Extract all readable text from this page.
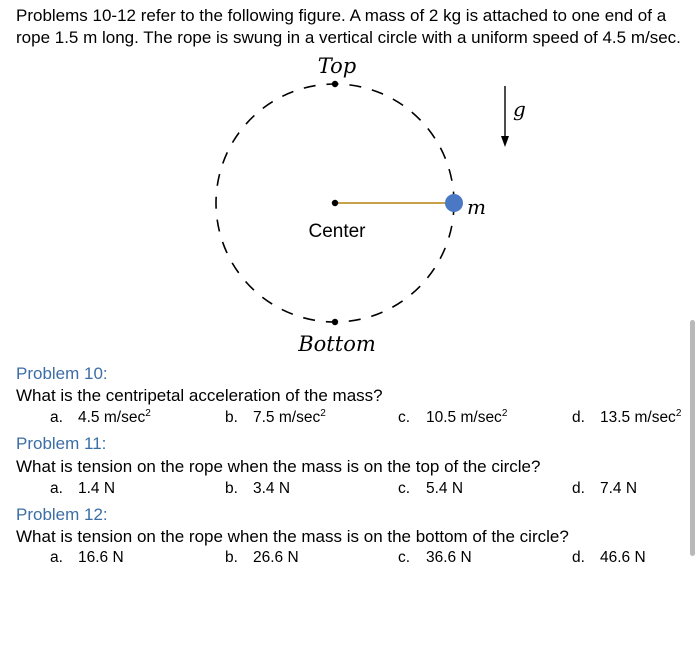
Problems 10-12 refer to the following figure. A mass of 2 kg is attached to one end of a rope 1.5 m long. The rope is swung in a vertical circle with a uniform speed of 4.5 m/sec.
Top
Bottom
Center
m
g
Problem 10:
What is the centripetal acceleration of the mass?
a. 4.5 $m/\sec^2$	b. 7.5 $m/\sec^2$	c. 10.5 $m/\sec^2$	d. 13.5 $m/\sec^2$
Problem 11:
What is tension on the rope when the mass is on the top of the circle?
a. 1.4 N	b. 3.4 N	c. 5.4 N	d. 7.4 N
Problem 12:
What is tension on the rope when the mass is on the bottom of the circle?
a. 16.6 N	b. 26.6 N	c. 36.6 N	d. 46.6 N
